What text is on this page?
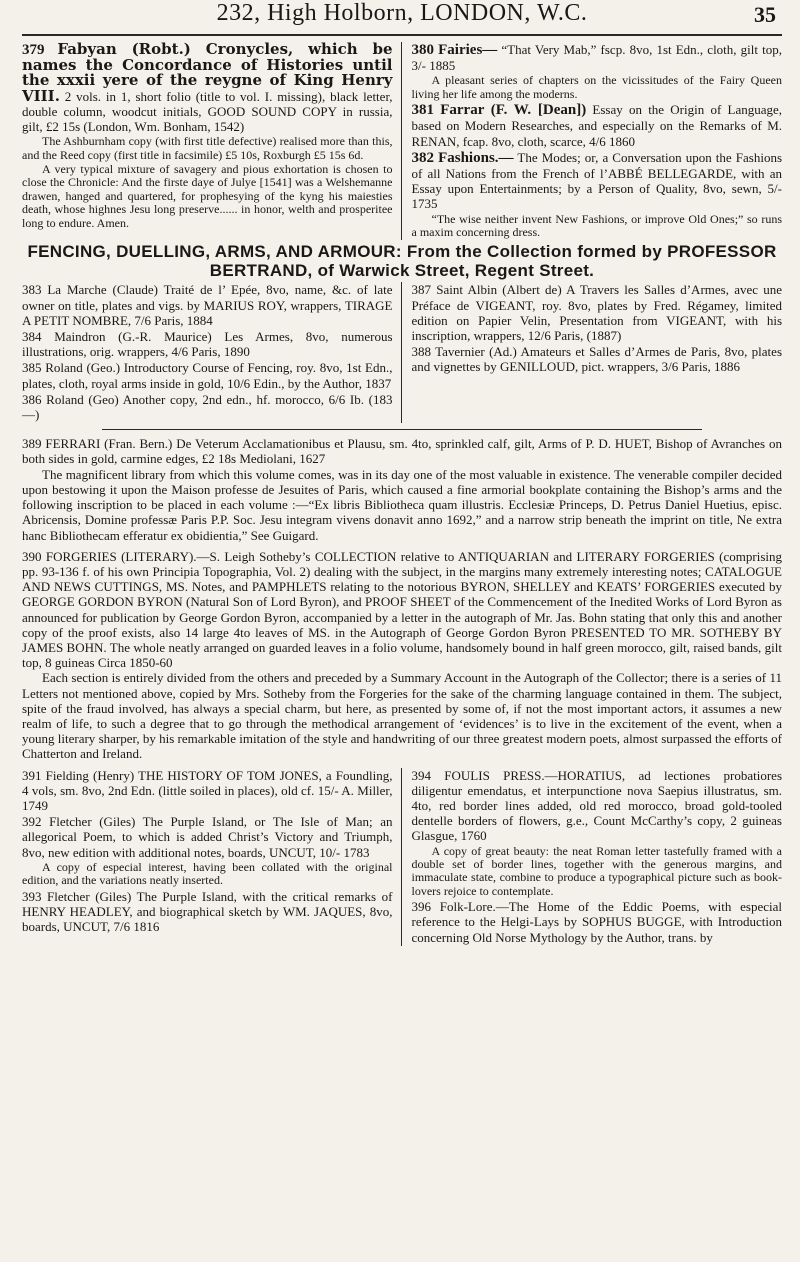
232, High Holborn, LONDON, W.C.	35

379 Fabyan (Robt.) Cronycles, which be names the Concordance of Histories until the xxxii yere of the reygne of King Henry VIII. 2 vols. in 1, short folio (title to vol. I. missing), black letter, double column, woodcut initials, GOOD SOUND COPY in russia, gilt, £2 15s (London, Wm. Bonham, 1542)

The Ashburnham copy (with first title defective) realised more than this, and the Reed copy (first title in facsimile) £5 10s, Roxburgh £5 15s 6d.

A very typical mixture of savagery and pious exhortation is chosen to close the Chronicle: And the firste daye of Julye [1541] was a Welshemanne drawen, hanged and quartered, for prophesying of the kyng his maiesties death, whose highnes Jesu long preserve...... in honor, welth and prosperitee long to endure. Amen.

380 Fairies— “That Very Mab,” fscp. 8vo, 1st Edn., cloth, gilt top, 3/- 1885

A pleasant series of chapters on the vicissitudes of the Fairy Queen living her life among the moderns.

381 Farrar (F. W. [Dean]) Essay on the Origin of Language, based on Modern Researches, and especially on the Remarks of M. RENAN, fcap. 8vo, cloth, scarce, 4/6 1860

382 Fashions.— The Modes; or, a Conversation upon the Fashions of all Nations from the French of l’ABBÉ BELLEGARDE, with an Essay upon Entertainments; by a Person of Quality, 8vo, sewn, 5/- 1735

“The wise neither invent New Fashions, or improve Old Ones;” so runs a maxim concerning dress.

FENCING, DUELLING, ARMS, AND ARMOUR: From the Collection formed by PROFESSOR BERTRAND, of Warwick Street, Regent Street.

383 La Marche (Claude) Traité de l’ Epée, 8vo, name, &c. of late owner on title, plates and vigs. by MARIUS ROY, wrappers, TIRAGE A PETIT NOMBRE, 7/6 Paris, 1884

384 Maindron (G.-R. Maurice) Les Armes, 8vo, numerous illustrations, orig. wrappers, 4/6 Paris, 1890

385 Roland (Geo.) Introductory Course of Fencing, roy. 8vo, 1st Edn., plates, cloth, royal arms inside in gold, 10/6 Edin., by the Author, 1837

386 Roland (Geo) Another copy, 2nd edn., hf. morocco, 6/6 Ib. (183—)

387 Saint Albin (Albert de) A Travers les Salles d’Armes, avec une Préface de VIGEANT, roy. 8vo, plates by Fred. Régamey, limited edition on Papier Velin, Presentation from VIGEANT, with his inscription, wrappers, 12/6 Paris, (1887)

388 Tavernier (Ad.) Amateurs et Salles d’Armes de Paris, 8vo, plates and vignettes by GENILLOUD, pict. wrappers, 3/6 Paris, 1886

389 FERRARI (Fran. Bern.) De Veterum Acclamationibus et Plausu, sm. 4to, sprinkled calf, gilt, Arms of P. D. HUET, Bishop of Avranches on both sides in gold, carmine edges, £2 18s Mediolani, 1627

The magnificent library from which this volume comes, was in its day one of the most valuable in existence. The venerable compiler decided upon bestowing it upon the Maison professe de Jesuites of Paris, which caused a fine armorial bookplate containing the Bishop’s arms and the following inscription to be placed in each volume :—“Ex libris Bibliotheca quam illustris. Ecclesiæ Princeps, D. Petrus Daniel Huetius, episc. Abricensis, Domine professæ Paris P.P. Soc. Jesu integram vivens donavit anno 1692,” and a narrow strip beneath the imprint on title, Ne extra hanc Bibliothecam efferatur ex obidientia,” See Guigard.

390 FORGERIES (LITERARY).—S. Leigh Sotheby’s COLLECTION relative to ANTIQUARIAN and LITERARY FORGERIES (comprising pp. 93-136 f. of his own Principia Topographia, Vol. 2) dealing with the subject, in the margins many extremely interesting notes; CATALOGUE AND NEWS CUTTINGS, MS. Notes, and PAMPHLETS relating to the notorious BYRON, SHELLEY and KEATS’ FORGERIES executed by GEORGE GORDON BYRON (Natural Son of Lord Byron), and PROOF SHEET of the Commencement of the Inedited Works of Lord Byron as announced for publication by George Gordon Byron, accompanied by a letter in the autograph of Mr. Jas. Bohn stating that only this and another copy of the proof exists, also 14 large 4to leaves of MS. in the Autograph of George Gordon Byron PRESENTED TO MR. SOTHEBY BY JAMES BOHN. The whole neatly arranged on guarded leaves in a folio volume, handsomely bound in half green morocco, gilt, raised bands, gilt top, 8 guineas Circa 1850-60

Each section is entirely divided from the others and preceded by a Summary Account in the Autograph of the Collector; there is a series of 11 Letters not mentioned above, copied by Mrs. Sotheby from the Forgeries for the sake of the charming language contained in them. The subject, spite of the fraud involved, has always a special charm, but here, as presented by some of, if not the most important actors, it assumes a new realm of life, to such a degree that to go through the methodical arrangement of ‘evidences’ is to live in the excitement of the event, when a young literary sharper, by his remarkable imitation of the style and handwriting of our three greatest modern poets, almost surpassed the efforts of Chatterton and Ireland.

391 Fielding (Henry) THE HISTORY OF TOM JONES, a Foundling, 4 vols, sm. 8vo, 2nd Edn. (little soiled in places), old cf. 15/- A. Miller, 1749

392 Fletcher (Giles) The Purple Island, or The Isle of Man; an allegorical Poem, to which is added Christ’s Victory and Triumph, 8vo, new edition with additional notes, boards, UNCUT, 10/- 1783

A copy of especial interest, having been collated with the original edition, and the variations neatly inserted.

393 Fletcher (Giles) The Purple Island, with the critical remarks of HENRY HEADLEY, and biographical sketch by WM. JAQUES, 8vo, boards, UNCUT, 7/6 1816

394 FOULIS PRESS.—HORATIUS, ad lectiones probatiores diligentur emendatus, et interpunctione nova Saepius illustratus, sm. 4to, red border lines added, old red morocco, broad gold-tooled dentelle borders of flowers, g.e., Count McCarthy’s copy, 2 guineas Glasgue, 1760

A copy of great beauty: the neat Roman letter tastefully framed with a double set of border lines, together with the generous margins, and immaculate state, combine to produce a typographical picture such as book-lovers rejoice to contemplate.

396 Folk-Lore.—The Home of the Eddic Poems, with especial reference to the Helgi-Lays by SOPHUS BUGGE, with Introduction concerning Old Norse Mythology by the Author, trans. by
